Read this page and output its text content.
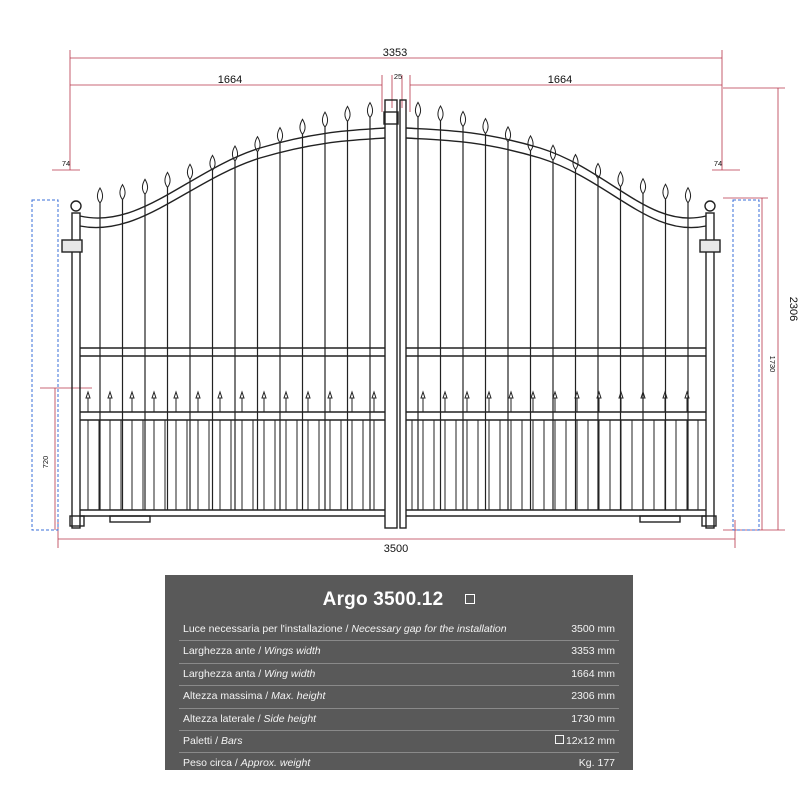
3353
1664	1664
25
74	74
2306
1730
720
3500
Argo 3500.12
Luce necessaria per l'installazione / Necessary gap for the installation	3500 mm
Larghezza ante / Wings width	3353 mm
Larghezza anta / Wing width	1664 mm
Altezza massima / Max. height	2306 mm
Altezza laterale / Side height	1730 mm
Paletti / Bars	12x12 mm
Peso circa / Approx. weight	Kg. 177
